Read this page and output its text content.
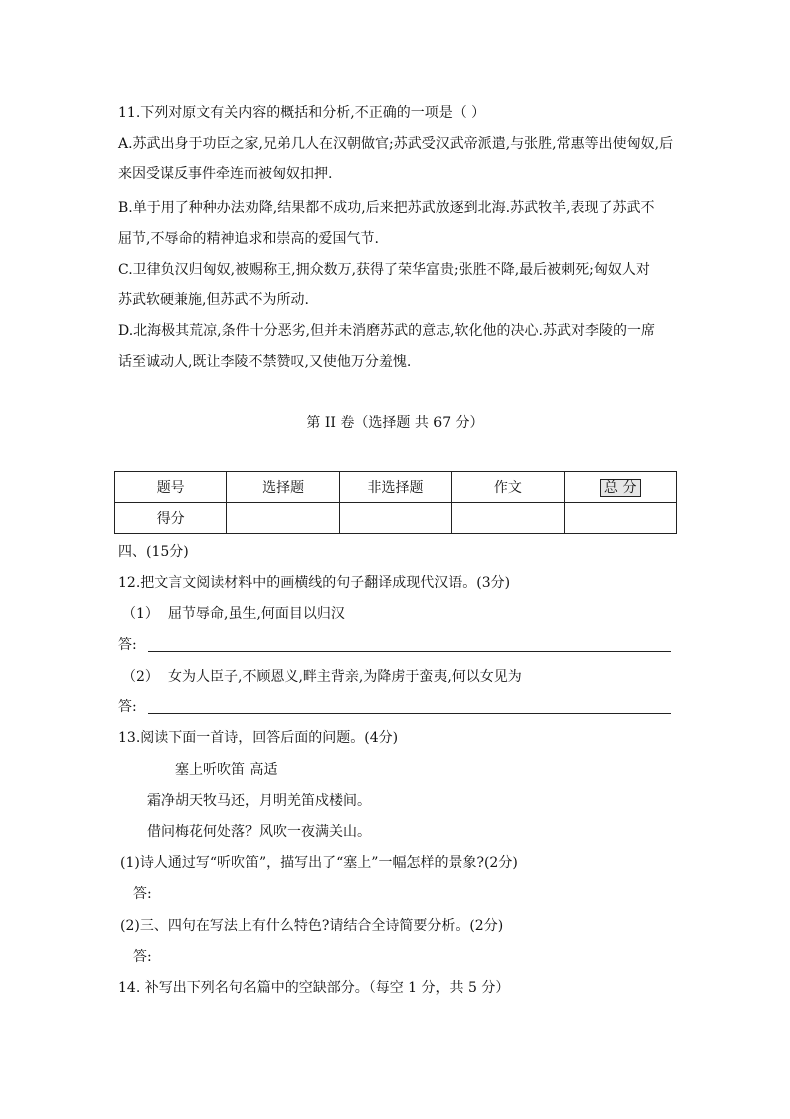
11.下列对原文有关内容的概括和分析,不正确的一项是（ ）
A.苏武出身于功臣之家,兄弟几人在汉朝做官;苏武受汉武帝派遣,与张胜,常惠等出使匈奴,后
来因受谋反事件牵连而被匈奴扣押.
B.单于用了种种办法劝降,结果都不成功,后来把苏武放逐到北海.苏武牧羊,表现了苏武不
屈节,不辱命的精神追求和崇高的爱国气节.
C.卫律负汉归匈奴,被赐称王,拥众数万,获得了荣华富贵;张胜不降,最后被刺死;匈奴人对
苏武软硬兼施,但苏武不为所动.
D.北海极其荒凉,条件十分恶劣,但并未消磨苏武的意志,软化他的决心.苏武对李陵的一席
话至诚动人,既让李陵不禁赞叹,又使他万分羞愧.
第 II 卷（选择题 共 67 分）
题号	选择题	非选择题	作文	总 分
得分				
四、(15分)
12.把文言文阅读材料中的画横线的句子翻译成现代汉语。(3分)
（1） 屈节辱命,虽生,何面目以归汉
答:
（2） 女为人臣子,不顾恩义,畔主背亲,为降虏于蛮夷,何以女见为
答:
13.阅读下面一首诗，回答后面的问题。(4分)
塞上听吹笛 高适
霜净胡天牧马还，月明羌笛戍楼间。
借问梅花何处落？风吹一夜满关山。
(1)诗人通过写“听吹笛”，描写出了“塞上”一幅怎样的景象?(2分)
答:
(2)三、四句在写法上有什么特色?请结合全诗简要分析。(2分)
答:
14. 补写出下列名句名篇中的空缺部分。（每空 1 分，共 5 分）
